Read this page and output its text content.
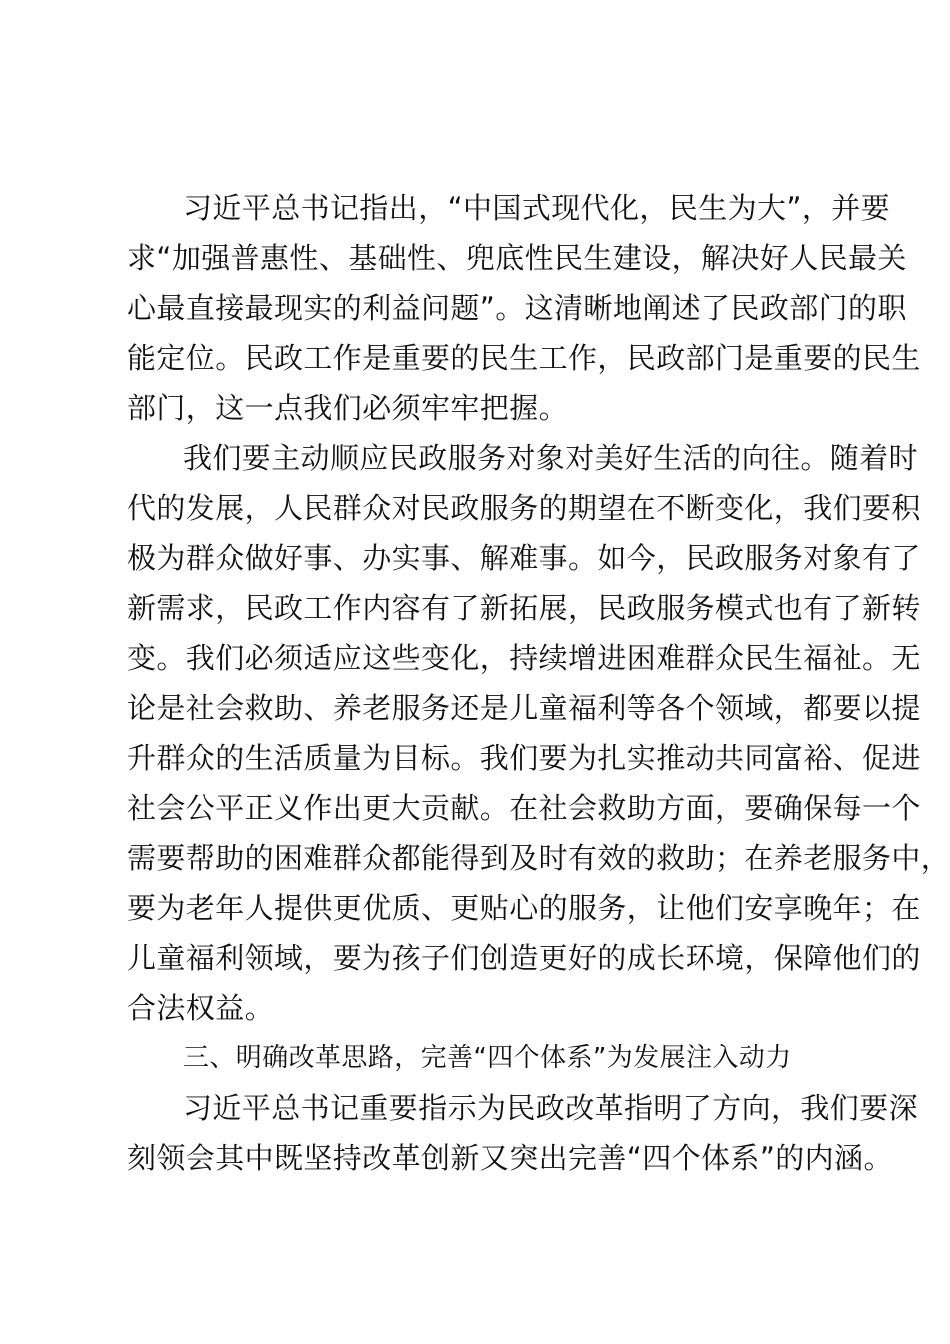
习近平总书记指出，“中国式现代化，民生为大”，并要
求“加强普惠性、基础性、兜底性民生建设，解决好人民最关
心最直接最现实的利益问题”。这清晰地阐述了民政部门的职
能定位。民政工作是重要的民生工作，民政部门是重要的民生
部门，这一点我们必须牢牢把握。
我们要主动顺应民政服务对象对美好生活的向往。随着时
代的发展，人民群众对民政服务的期望在不断变化，我们要积
极为群众做好事、办实事、解难事。如今，民政服务对象有了
新需求，民政工作内容有了新拓展，民政服务模式也有了新转
变。我们必须适应这些变化，持续增进困难群众民生福祉。无
论是社会救助、养老服务还是儿童福利等各个领域，都要以提
升群众的生活质量为目标。我们要为扎实推动共同富裕、促进
社会公平正义作出更大贡献。在社会救助方面，要确保每一个
需要帮助的困难群众都能得到及时有效的救助；在养老服务中，
要为老年人提供更优质、更贴心的服务，让他们安享晚年；在
儿童福利领域，要为孩子们创造更好的成长环境，保障他们的
合法权益。
三、明确改革思路，完善“四个体系”为发展注入动力
习近平总书记重要指示为民政改革指明了方向，我们要深
刻领会其中既坚持改革创新又突出完善“四个体系”的内涵。
